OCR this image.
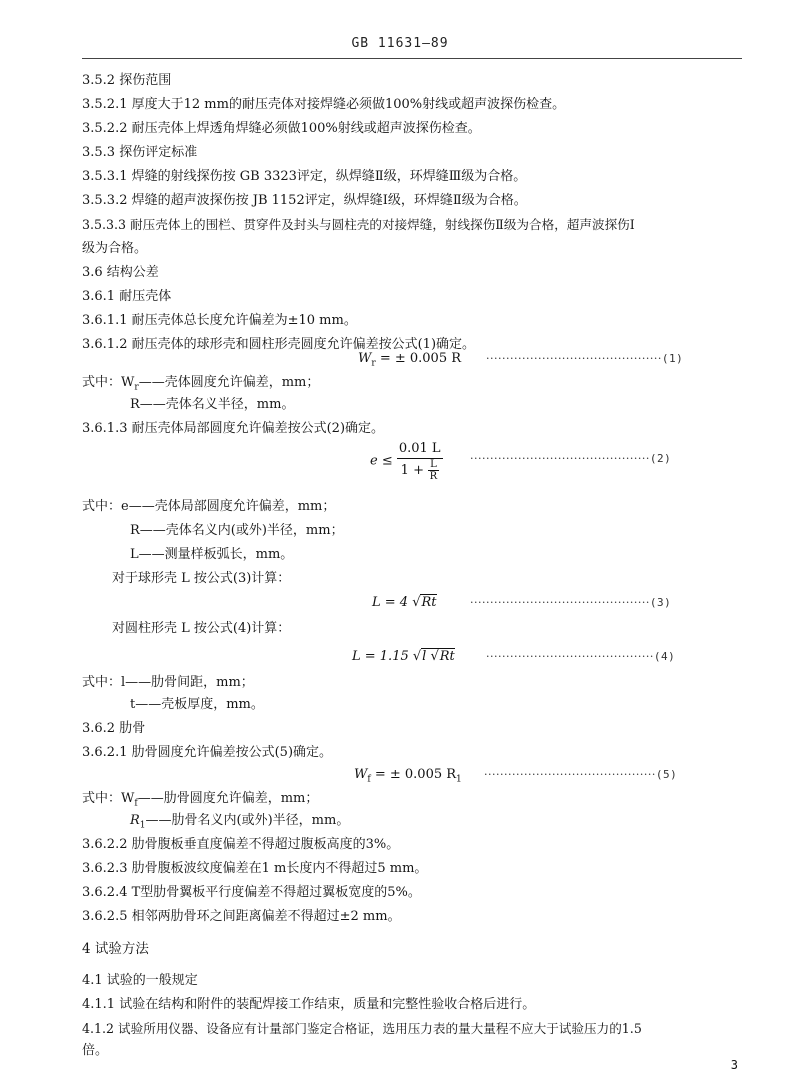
GB 11631—89
3.5.2 探伤范围
3.5.2.1 厚度大于12 mm的耐压壳体对接焊缝必须做100%射线或超声波探伤检查。
3.5.2.2 耐压壳体上焊透角焊缝必须做100%射线或超声波探伤检查。
3.5.3 探伤评定标准
3.5.3.1 焊缝的射线探伤按 GB 3323评定，纵焊缝Ⅱ级，环焊缝Ⅲ级为合格。
3.5.3.2 焊缝的超声波探伤按 JB 1152评定，纵焊缝Ⅰ级，环焊缝Ⅱ级为合格。
3.5.3.3 耐压壳体上的围栏、贯穿件及封头与圆柱壳的对接焊缝，射线探伤Ⅱ级为合格，超声波探伤Ⅰ
级为合格。
3.6 结构公差
3.6.1 耐压壳体
3.6.1.1 耐压壳体总长度允许偏差为±10 mm。
3.6.1.2 耐压壳体的球形壳和圆柱形壳圆度允许偏差按公式(1)确定。
$W_r$ = ± 0.005 R ············································(1)
式中：$W_r——$壳体圆度允许偏差，mm；
R——壳体名义半径，mm。
3.6.1.3 耐压壳体局部圆度允许偏差按公式(2)确定。
$e \le \frac{0.01 L}{1 + \frac{L}{R}} \cdot\cdot\cdot\cdot\cdot\cdot\cdot\cdot\cdot\cdot\cdot\cdot\cdot\cdot\cdot\cdot\cdot\cdot\cdot\cdot\cdot\cdot\cdot\cdot\cdot\cdot\cdot\cdot\cdot\cdot\cdot\cdot\cdot\cdot\cdot\cdot\cdot\cdot\cdot\cdot\cdot\cdot\cdot\cdot\cdot(2)$
式中：e——壳体局部圆度允许偏差，mm；
R——壳体名义内(或外)半径，mm；
L——测量样板弧长，mm。
对于球形壳 L 按公式(3)计算：
L = 4 √Rt	·············································(3)
对圆柱形壳 L 按公式(4)计算：
L = 1.15 √l √Rt	··········································(4)
式中：l——肋骨间距，mm；
t——壳板厚度，mm。
3.6.2 肋骨
3.6.2.1 肋骨圆度允许偏差按公式(5)确定。
$W_f$ = ± 0.005 $R_1 \cdot\cdot\cdot\cdot\cdot\cdot\cdot\cdot\cdot\cdot\cdot\cdot\cdot\cdot\cdot\cdot\cdot\cdot\cdot\cdot\cdot\cdot\cdot\cdot\cdot\cdot\cdot\cdot\cdot\cdot\cdot\cdot\cdot\cdot\cdot\cdot\cdot\cdot\cdot\cdot\cdot\cdot\cdot(5)$
式中：$W_f——$肋骨圆度允许偏差，mm；
$R_1——$肋骨名义内(或外)半径，mm。
3.6.2.2 肋骨腹板垂直度偏差不得超过腹板高度的3%。
3.6.2.3 肋骨腹板波纹度偏差在1 m长度内不得超过5 mm。
3.6.2.4 T型肋骨翼板平行度偏差不得超过翼板宽度的5%。
3.6.2.5 相邻两肋骨环之间距离偏差不得超过±2 mm。
4 试验方法
4.1 试验的一般规定
4.1.1 试验在结构和附件的装配焊接工作结束，质量和完整性验收合格后进行。
4.1.2 试验所用仪器、设备应有计量部门鉴定合格证，选用压力表的量大量程不应大于试验压力的1.5
倍。
3
